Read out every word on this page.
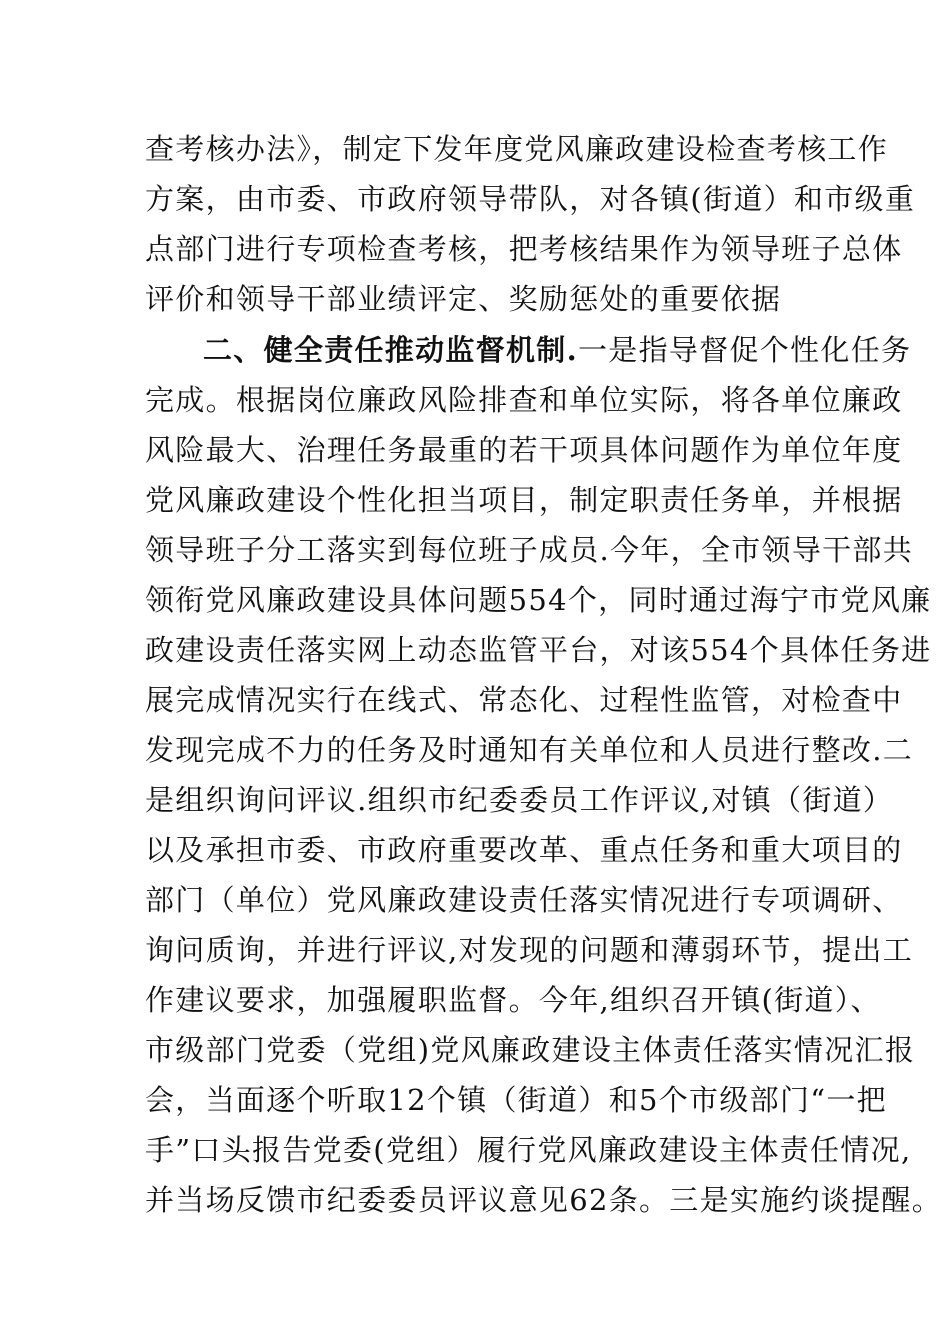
查考核办法》，制定下发年度党风廉政建设检查考核工作
方案，由市委、市政府领导带队，对各镇(街道）和市级重
点部门进行专项检查考核，把考核结果作为领导班子总体
评价和领导干部业绩评定、奖励惩处的重要依据
二、健全责任推动监督机制.一是指导督促个性化任务
完成。根据岗位廉政风险排查和单位实际，将各单位廉政
风险最大、治理任务最重的若干项具体问题作为单位年度
党风廉政建设个性化担当项目，制定职责任务单，并根据
领导班子分工落实到每位班子成员.今年，全市领导干部共
领衔党风廉政建设具体问题554个，同时通过海宁市党风廉
政建设责任落实网上动态监管平台，对该554个具体任务进
展完成情况实行在线式、常态化、过程性监管，对检查中
发现完成不力的任务及时通知有关单位和人员进行整改.二
是组织询问评议.组织市纪委委员工作评议,对镇（街道）
以及承担市委、市政府重要改革、重点任务和重大项目的
部门（单位）党风廉政建设责任落实情况进行专项调研、
询问质询，并进行评议,对发现的问题和薄弱环节，提出工
作建议要求，加强履职监督。今年,组织召开镇(街道）、
市级部门党委（党组)党风廉政建设主体责任落实情况汇报
会，当面逐个听取12个镇（街道）和5个市级部门“一把
手”口头报告党委(党组）履行党风廉政建设主体责任情况,
并当场反馈市纪委委员评议意见62条。三是实施约谈提醒。
